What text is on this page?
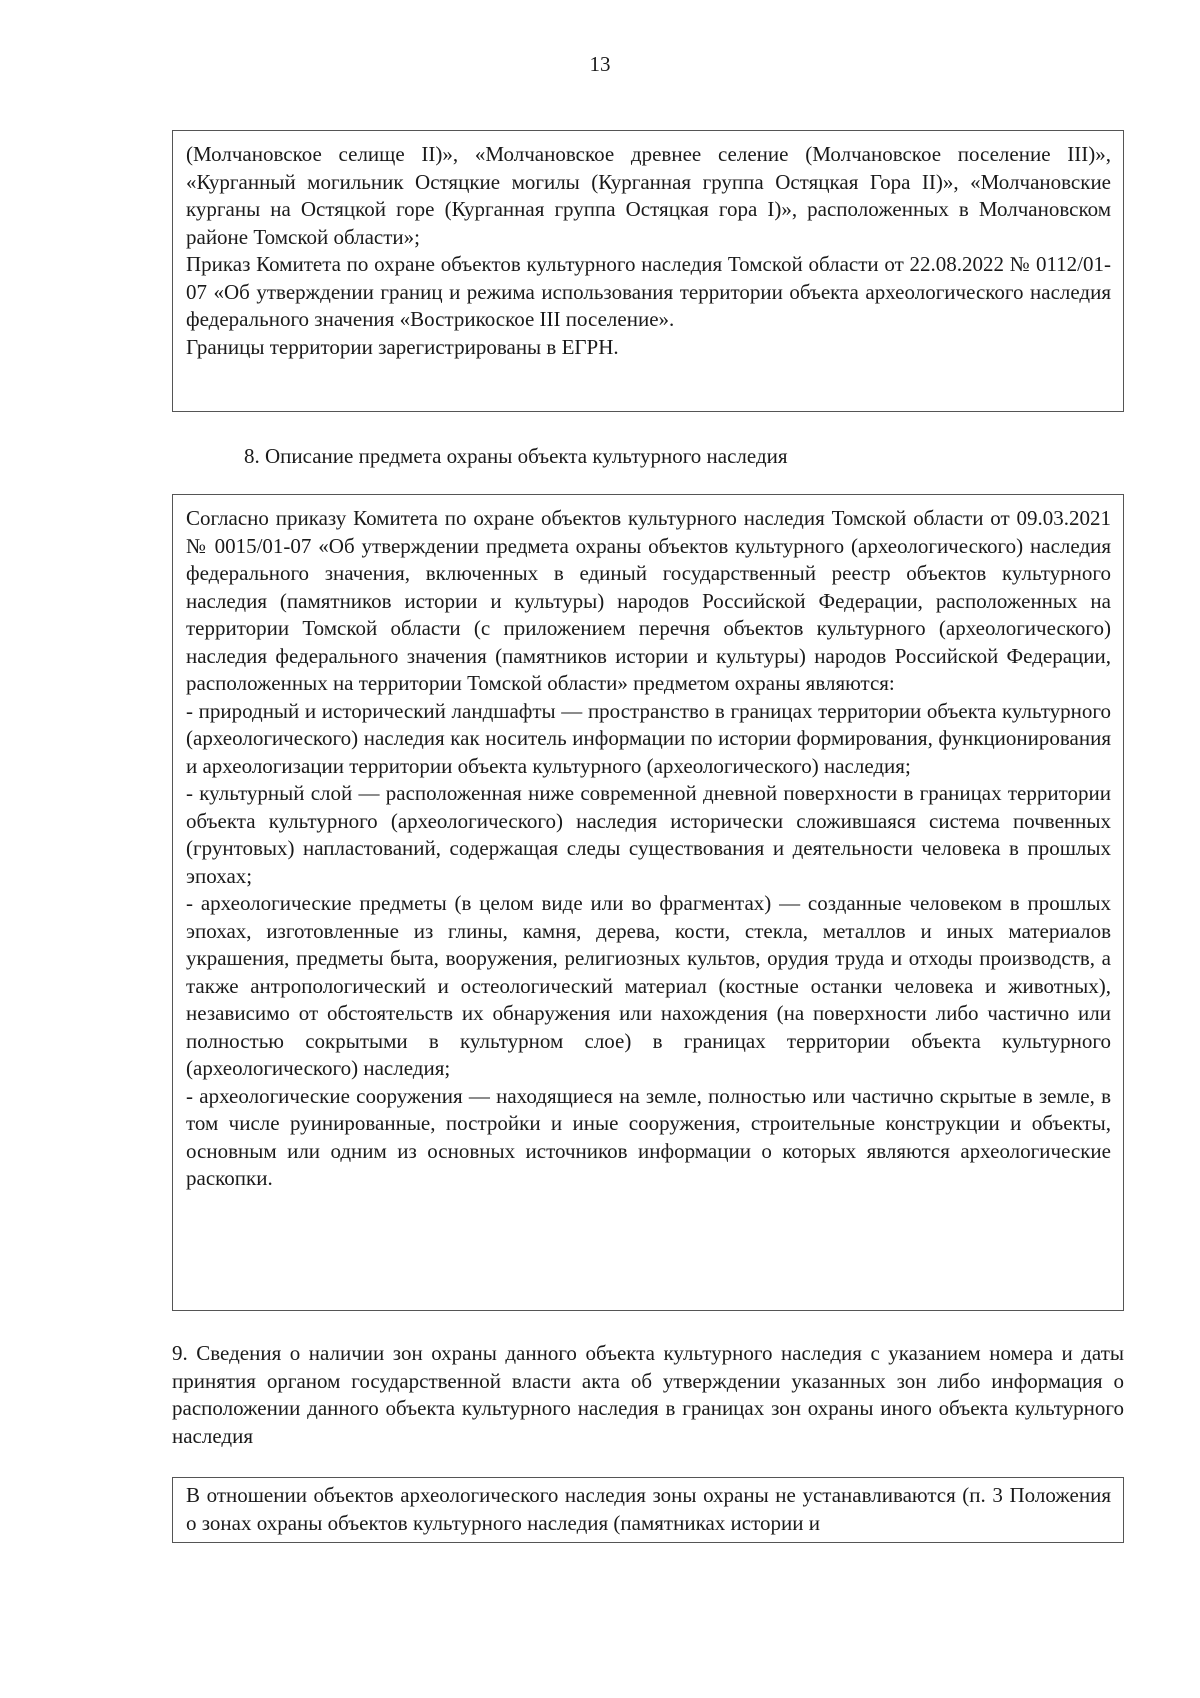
13

(Молчановское селище II)», «Молчановское древнее селение (Молчановское поселение III)», «Курганный могильник Остяцкие могилы (Курганная группа Остяцкая Гора II)», «Молчановские курганы на Остяцкой горе (Курганная группа Остяцкая гора I)», расположенных в Молчановском районе Томской области»;

Приказ Комитета по охране объектов культурного наследия Томской области от 22.08.2022 № 0112/01-07 «Об утверждении границ и режима использования территории объекта археологического наследия федерального значения «Вострикоское III поселение».

Границы территории зарегистрированы в ЕГРН.

8. Описание предмета охраны объекта культурного наследия

Согласно приказу Комитета по охране объектов культурного наследия Томской области от 09.03.2021 № 0015/01-07 «Об утверждении предмета охраны объектов культурного (археологического) наследия федерального значения, включенных в единый государственный реестр объектов культурного наследия (памятников истории и культуры) народов Российской Федерации, расположенных на территории Томской области (с приложением перечня объектов культурного (археологического) наследия федерального значения (памятников истории и культуры) народов Российской Федерации, расположенных на территории Томской области» предметом охраны являются:

- природный и исторический ландшафты — пространство в границах территории объекта культурного (археологического) наследия как носитель информации по истории формирования, функционирования и археологизации территории объекта культурного (археологического) наследия;

- культурный слой — расположенная ниже современной дневной поверхности в границах территории объекта культурного (археологического) наследия исторически сложившаяся система почвенных (грунтовых) напластований, содержащая следы существования и деятельности человека в прошлых эпохах;

- археологические предметы (в целом виде или во фрагментах) — созданные человеком в прошлых эпохах, изготовленные из глины, камня, дерева, кости, стекла, металлов и иных материалов украшения, предметы быта, вооружения, религиозных культов, орудия труда и отходы производств, а также антропологический и остеологический материал (костные останки человека и животных), независимо от обстоятельств их обнаружения или нахождения (на поверхности либо частично или полностью сокрытыми в культурном слое) в границах территории объекта культурного (археологического) наследия;

- археологические сооружения — находящиеся на земле, полностью или частично скрытые в земле, в том числе руинированные, постройки и иные сооружения, строительные конструкции и объекты, основным или одним из основных источников информации о которых являются археологические раскопки.

9. Сведения о наличии зон охраны данного объекта культурного наследия с указанием номера и даты принятия органом государственной власти акта об утверждении указанных зон либо информация о расположении данного объекта культурного наследия в границах зон охраны иного объекта культурного наследия

В отношении объектов археологического наследия зоны охраны не устанавливаются (п. 3 Положения о зонах охраны объектов культурного наследия (памятниках истории и
